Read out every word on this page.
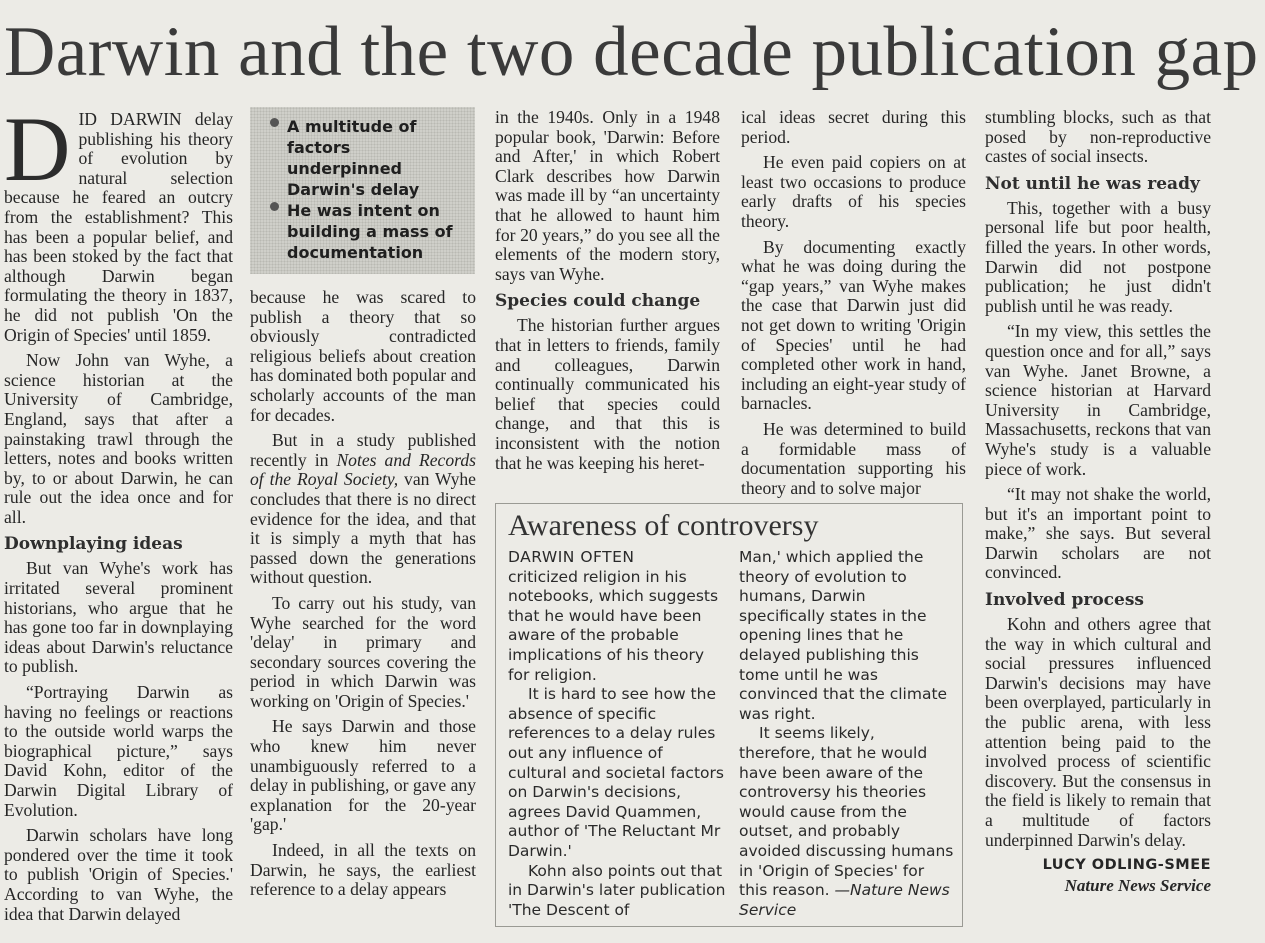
Darwin and the two decade publication gap

DID DARWIN delay publishing his theory of evolution by natural selection because he feared an outcry from the establishment? This has been a popular belief, and has been stoked by the fact that although Darwin began formulating the theory in 1837, he did not publish 'On the Origin of Species' until 1859.

Now John van Wyhe, a science historian at the University of Cambridge, England, says that after a painstaking trawl through the letters, notes and books written by, to or about Darwin, he can rule out the idea once and for all.

Downplaying ideas

But van Wyhe's work has irritated several prominent historians, who argue that he has gone too far in downplaying ideas about Darwin's reluctance to publish.

“Portraying Darwin as having no feelings or reactions to the outside world warps the biographical picture,” says David Kohn, editor of the Darwin Digital Library of Evolution.

Darwin scholars have long pondered over the time it took to publish 'Origin of Species.' According to van Wyhe, the idea that Darwin delayed

A multitude of factors underpinned Darwin's delay
He was intent on building a mass of documentation

because he was scared to publish a theory that so obviously contradicted religious beliefs about creation has dominated both popular and scholarly accounts of the man for decades.

But in a study published recently in Notes and Records of the Royal Society, van Wyhe concludes that there is no direct evidence for the idea, and that it is simply a myth that has passed down the generations without question.

To carry out his study, van Wyhe searched for the word 'delay' in primary and secondary sources covering the period in which Darwin was working on 'Origin of Species.'

He says Darwin and those who knew him never unambiguously referred to a delay in publishing, or gave any explanation for the 20-year 'gap.'

Indeed, in all the texts on Darwin, he says, the earliest reference to a delay appears

in the 1940s. Only in a 1948 popular book, 'Darwin: Before and After,' in which Robert Clark describes how Darwin was made ill by “an uncertainty that he allowed to haunt him for 20 years,” do you see all the elements of the modern story, says van Wyhe.

Species could change

The historian further argues that in letters to friends, family and colleagues, Darwin continually communicated his belief that species could change, and that this is inconsistent with the notion that he was keeping his heret-

ical ideas secret during this period.

He even paid copiers on at least two occasions to produce early drafts of his species theory.

By documenting exactly what he was doing during the “gap years,” van Wyhe makes the case that Darwin just did not get down to writing 'Origin of Species' until he had completed other work in hand, including an eight-year study of barnacles.

He was determined to build a formidable mass of documentation supporting his theory and to solve major

stumbling blocks, such as that posed by non-reproductive castes of social insects.

Not until he was ready

This, together with a busy personal life but poor health, filled the years. In other words, Darwin did not postpone publication; he just didn't publish until he was ready.

“In my view, this settles the question once and for all,” says van Wyhe. Janet Browne, a science historian at Harvard University in Cambridge, Massachusetts, reckons that van Wyhe's study is a valuable piece of work.

“It may not shake the world, but it's an important point to make,” she says. But several Darwin scholars are not convinced.

Involved process

Kohn and others agree that the way in which cultural and social pressures influenced Darwin's decisions may have been overplayed, particularly in the public arena, with less attention being paid to the involved process of scientific discovery. But the consensus in the field is likely to remain that a multitude of factors underpinned Darwin's delay.

LUCY ODLING-SMEE
Nature News Service
Awareness of controversy

DARWIN OFTEN
criticized religion in his notebooks, which suggests that he would have been aware of the probable implications of his theory for religion.

It is hard to see how the absence of specific references to a delay rules out any influence of cultural and societal factors on Darwin's decisions, agrees David Quammen, author of 'The Reluctant Mr Darwin.'

Kohn also points out that in Darwin's later publication 'The Descent of

Man,' which applied the theory of evolution to humans, Darwin specifically states in the opening lines that he delayed publishing this tome until he was convinced that the climate was right.

It seems likely, therefore, that he would have been aware of the controversy his theories would cause from the outset, and probably avoided discussing humans in 'Origin of Species' for this reason. —Nature News Service
